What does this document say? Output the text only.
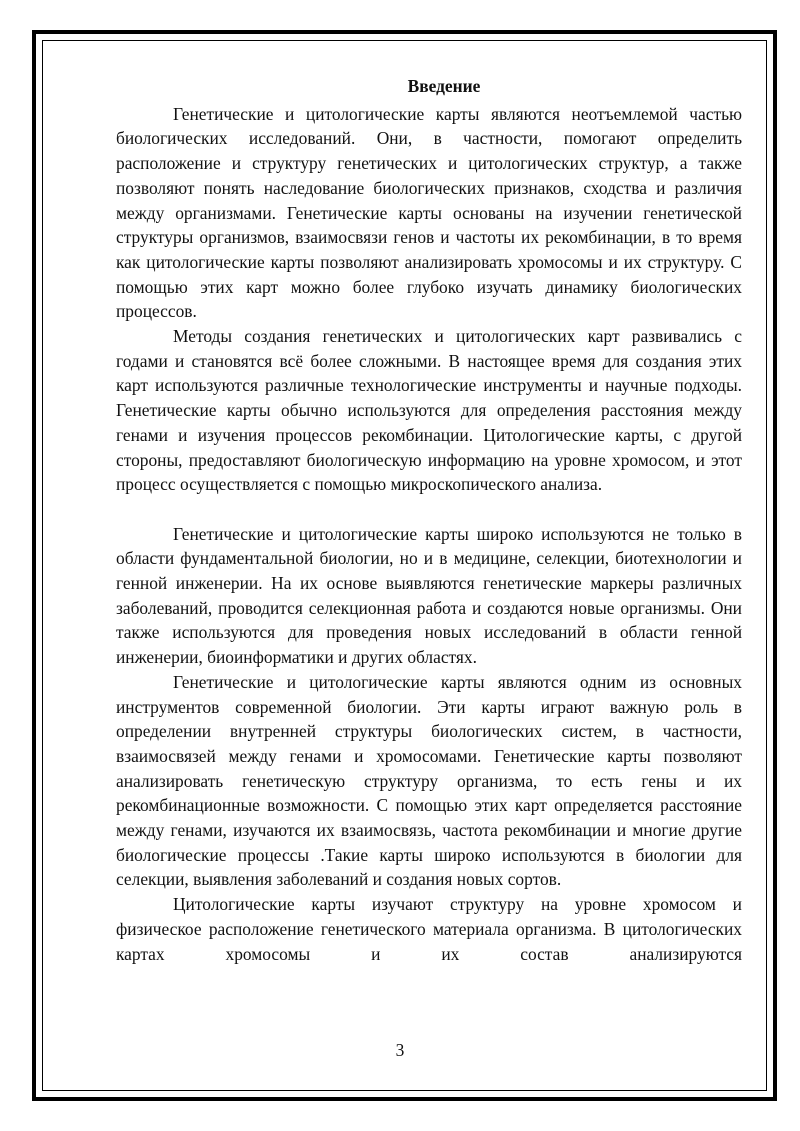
Введение

Генетические и цитологические карты являются неотъемлемой частью биологических исследований. Они, в частности, помогают определить расположение и структуру генетических и цитологических структур, а также позволяют понять наследование биологических признаков, сходства и различия между организмами. Генетические карты основаны на изучении генетической структуры организмов, взаимосвязи генов и частоты их рекомбинации, в то время как цитологические карты позволяют анализировать хромосомы и их структуру. С помощью этих карт можно более глубоко изучать динамику биологических процессов.

Методы создания генетических и цитологических карт развивались с годами и становятся всё более сложными. В настоящее время для создания этих карт используются различные технологические инструменты и научные подходы. Генетические карты обычно используются для определения расстояния между генами и изучения процессов рекомбинации. Цитологические карты, с другой стороны, предоставляют биологическую информацию на уровне хромосом, и этот процесс осуществляется с помощью микроскопического анализа.

Генетические и цитологические карты широко используются не только в области фундаментальной биологии, но и в медицине, селекции, биотехнологии и генной инженерии. На их основе выявляются генетические маркеры различных заболеваний, проводится селекционная работа и создаются новые организмы. Они также используются для проведения новых исследований в области генной инженерии, биоинформатики и других областях.

Генетические и цитологические карты являются одним из основных инструментов современной биологии. Эти карты играют важную роль в определении внутренней структуры биологических систем, в частности, взаимосвязей между генами и хромосомами. Генетические карты позволяют анализировать генетическую структуру организма, то есть гены и их рекомбинационные возможности. С помощью этих карт определяется расстояние между генами, изучаются их взаимосвязь, частота рекомбинации и многие другие биологические процессы .Такие карты широко используются в биологии для селекции, выявления заболеваний и создания новых сортов.

Цитологические карты изучают структуру на уровне хромосом и физическое расположение генетического материала организма. В цитологических картах хромосомы и их состав анализируются

3
